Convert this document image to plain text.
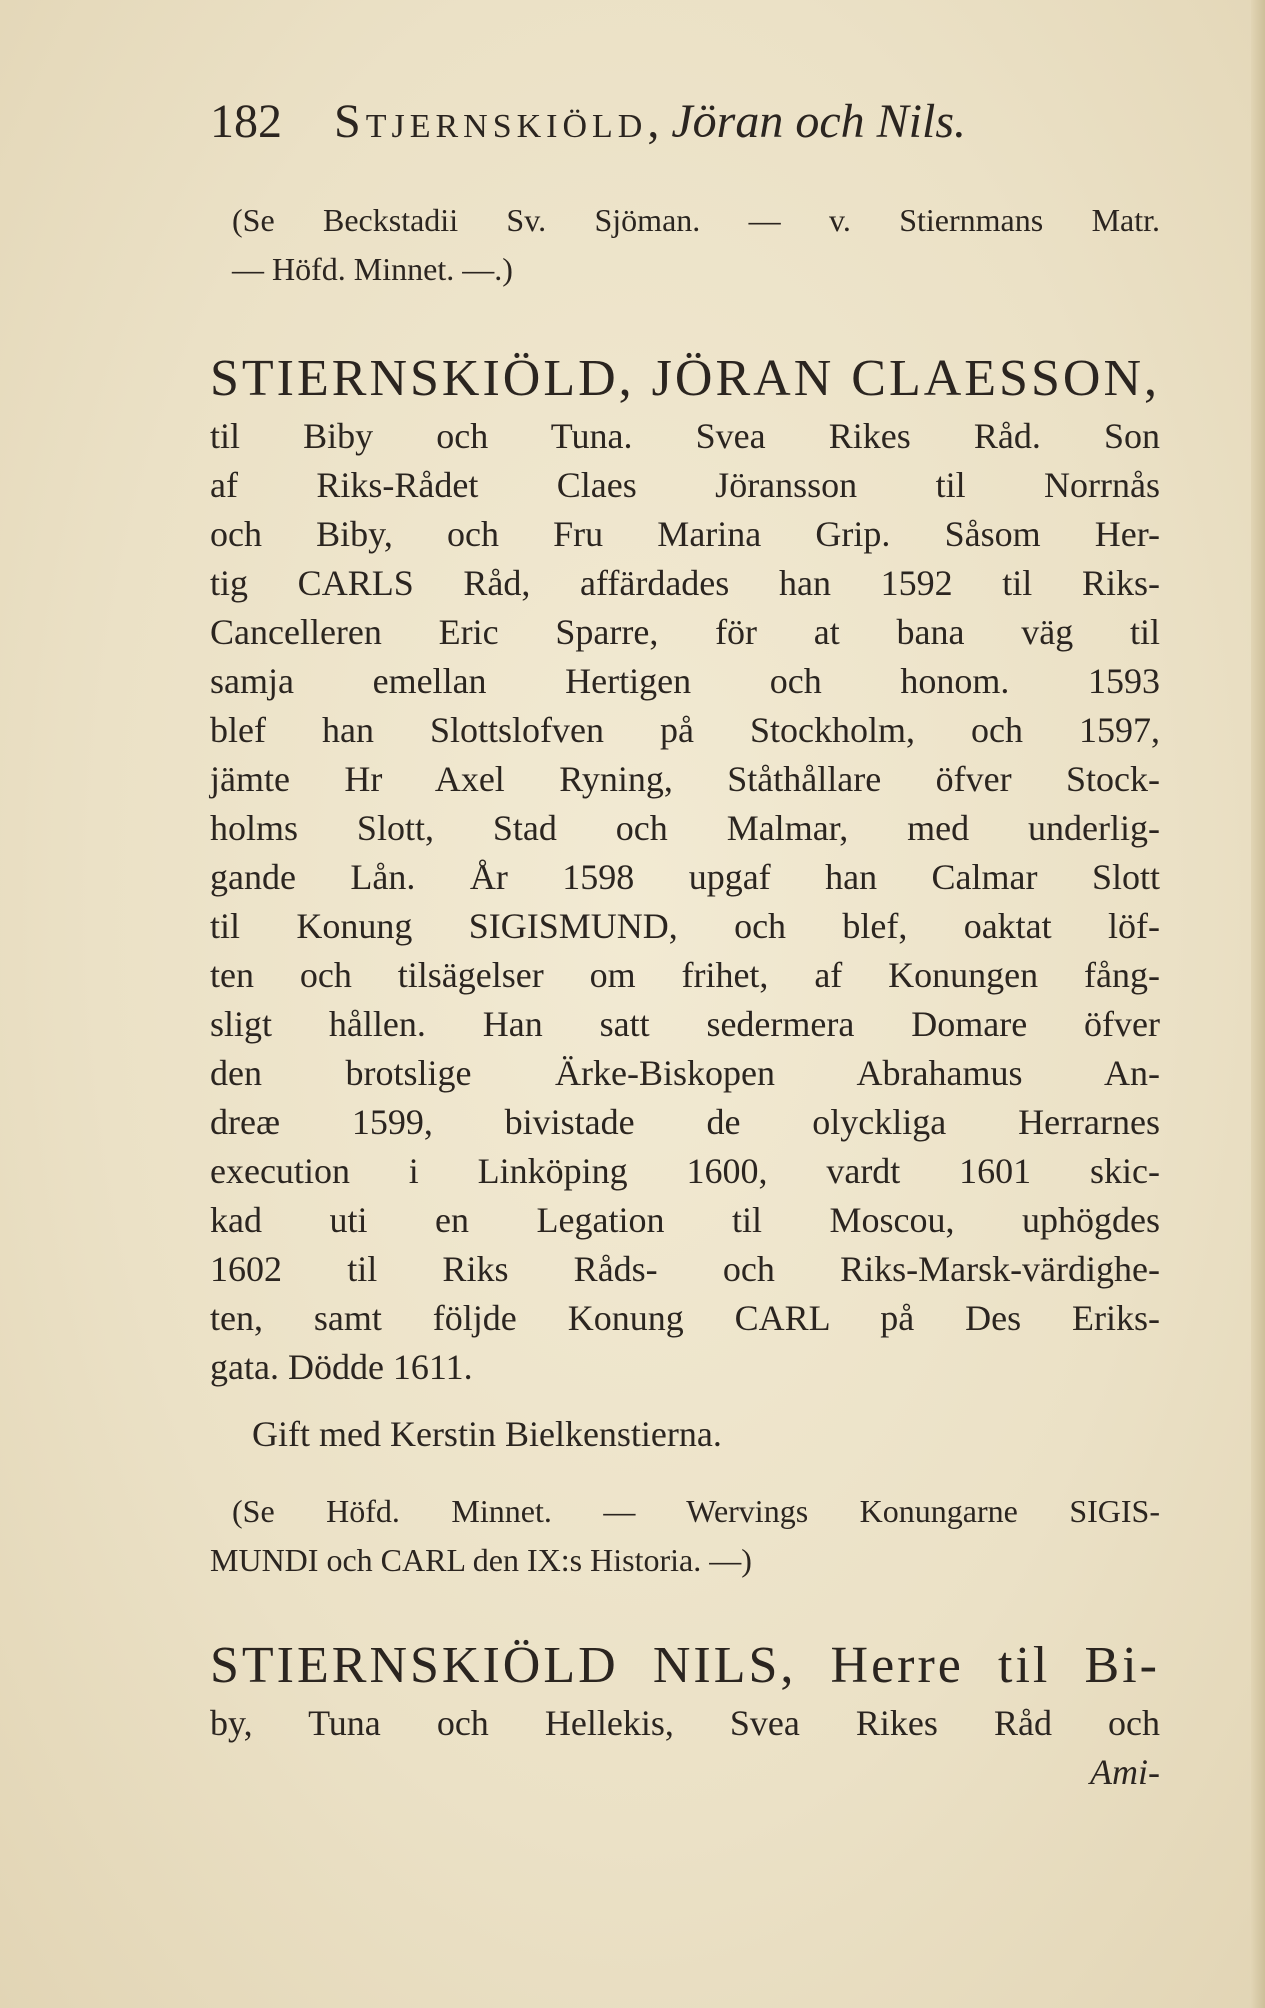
182 Stjernskiöld, Jöran och Nils.
(Se Beckstadii Sv. Sjöman. — v. Stiernmans Matr.
— Höfd. Minnet. —.)
STIERNSKIÖLD, JÖRAN CLAESSON,
til Biby och Tuna. Svea Rikes Råd. Son
af Riks-Rådet Claes Jöransson til Norrnås
och Biby, och Fru Marina Grip. Såsom Her-
tig CARLS Råd, affärdades han 1592 til Riks-
Cancelleren Eric Sparre, för at bana väg til
samja emellan Hertigen och honom. 1593
blef han Slottslofven på Stockholm, och 1597,
jämte Hr Axel Ryning, Ståthållare öfver Stock-
holms Slott, Stad och Malmar, med underlig-
gande Lån. År 1598 upgaf han Calmar Slott
til Konung SIGISMUND, och blef, oaktat löf-
ten och tilsägelser om frihet, af Konungen fång-
sligt hållen. Han satt sedermera Domare öfver
den brotslige Ärke-Biskopen Abrahamus An-
dreæ 1599, bivistade de olyckliga Herrarnes
execution i Linköping 1600, vardt 1601 skic-
kad uti en Legation til Moscou, uphögdes
1602 til Riks Råds- och Riks-Marsk-värdighe-
ten, samt följde Konung CARL på Des Eriks-
gata. Dödde 1611.
Gift med Kerstin Bielkenstierna.
(Se Höfd. Minnet. — Wervings Konungarne SIGIS-
MUNDI och CARL den IX:s Historia. —)
STIERNSKIÖLD NILS, Herre til Bi-
by, Tuna och Hellekis, Svea Rikes Råd och
Ami-
